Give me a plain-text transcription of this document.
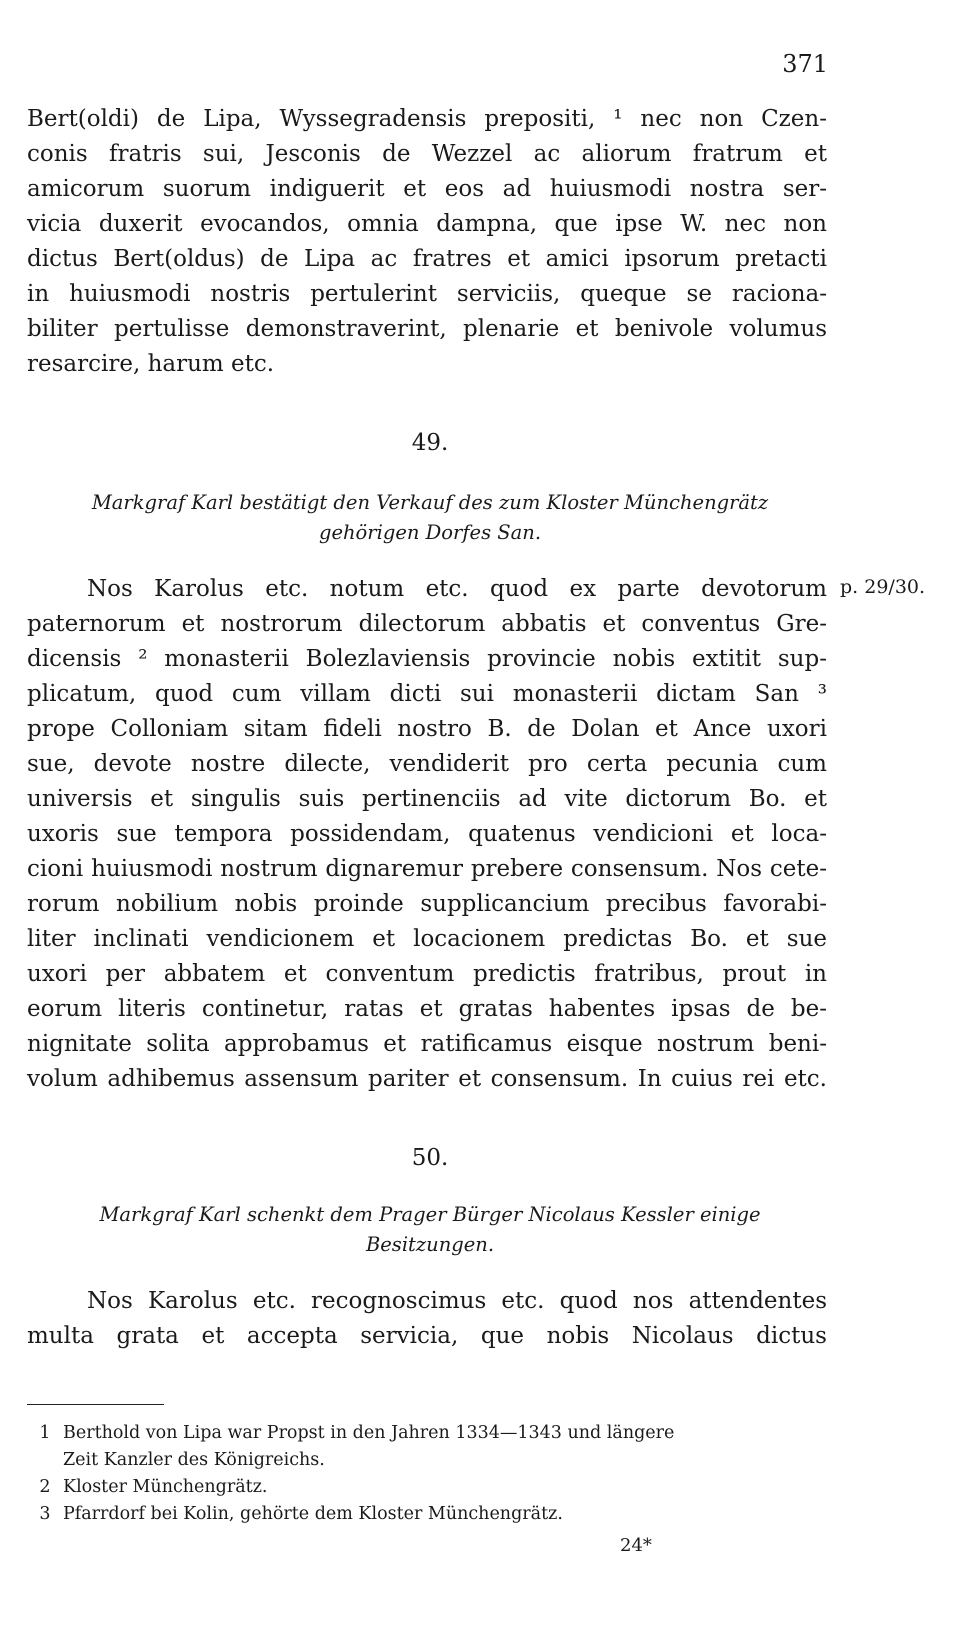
371
Bert(oldi) de Lipa, Wyssegradensis prepositi, ¹ nec non Czen-
conis fratris sui, Jesconis de Wezzel ac aliorum fratrum et
amicorum suorum indiguerit et eos ad huiusmodi nostra ser-
vicia duxerit evocandos, omnia dampna, que ipse W. nec non
dictus Bert(oldus) de Lipa ac fratres et amici ipsorum pretacti
in huiusmodi nostris pertulerint serviciis, queque se raciona-
biliter pertulisse demonstraverint, plenarie et benivole volumus
resarcire, harum etc.
49.
Markgraf Karl bestätigt den Verkauf des zum Kloster Münchengrätz
gehörigen Dorfes San.
p. 29/30.
Nos Karolus etc. notum etc. quod ex parte devotorum
paternorum et nostrorum dilectorum abbatis et conventus Gre-
dicensis ² monasterii Bolezlaviensis provincie nobis extitit sup-
plicatum, quod cum villam dicti sui monasterii dictam San ³
prope Colloniam sitam fideli nostro B. de Dolan et Ance uxori
sue, devote nostre dilecte, vendiderit pro certa pecunia cum
universis et singulis suis pertinenciis ad vite dictorum Bo. et
uxoris sue tempora possidendam, quatenus vendicioni et loca-
cioni huiusmodi nostrum dignaremur prebere consensum. Nos cete-
rorum nobilium nobis proinde supplicancium precibus favorabi-
liter inclinati vendicionem et locacionem predictas Bo. et sue
uxori per abbatem et conventum predictis fratribus, prout in
eorum literis continetur, ratas et gratas habentes ipsas de be-
nignitate solita approbamus et ratificamus eisque nostrum beni-
volum adhibemus assensum pariter et consensum. In cuius rei etc.
50.
Markgraf Karl schenkt dem Prager Bürger Nicolaus Kessler einige
Besitzungen.
Nos Karolus etc. recognoscimus etc. quod nos attendentes
multa grata et accepta servicia, que nobis Nicolaus dictus
1 Berthold von Lipa war Propst in den Jahren 1334—1343 und längere
Zeit Kanzler des Königreichs.
2 Kloster Münchengrätz.
3 Pfarrdorf bei Kolin, gehörte dem Kloster Münchengrätz.
24*
